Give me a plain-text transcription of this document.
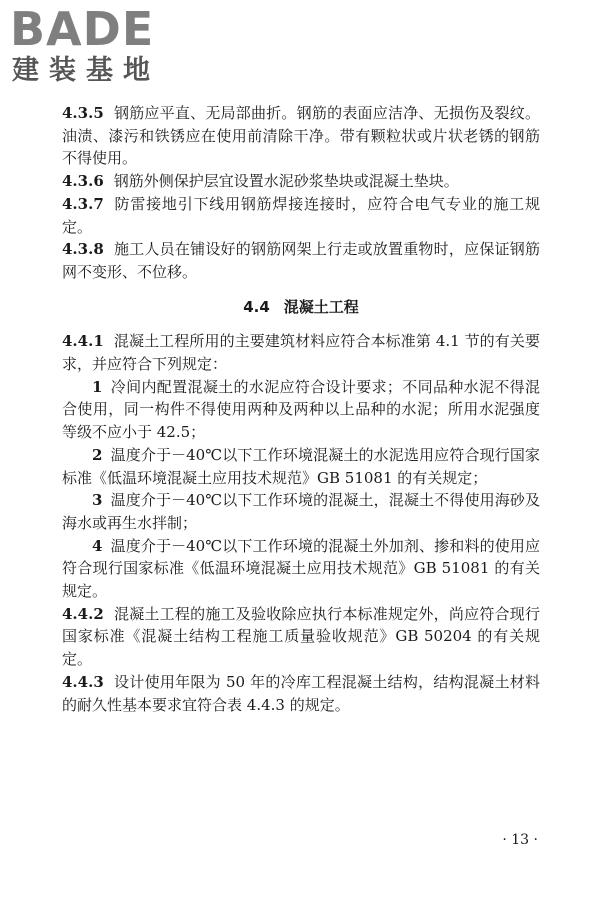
BADE
建装基地

4.3.5 钢筋应平直、无局部曲折。钢筋的表面应洁净、无损伤及裂纹。油渍、漆污和铁锈应在使用前清除干净。带有颗粒状或片状老锈的钢筋不得使用。

4.3.6 钢筋外侧保护层宜设置水泥砂浆垫块或混凝土垫块。

4.3.7 防雷接地引下线用钢筋焊接连接时，应符合电气专业的施工规定。

4.3.8 施工人员在铺设好的钢筋网架上行走或放置重物时，应保证钢筋网不变形、不位移。

4.4 混凝土工程

4.4.1 混凝土工程所用的主要建筑材料应符合本标准第 4.1 节的有关要求，并应符合下列规定：

1 冷间内配置混凝土的水泥应符合设计要求；不同品种水泥不得混合使用，同一构件不得使用两种及两种以上品种的水泥；所用水泥强度等级不应小于 42.5；

2 温度介于－40℃以下工作环境混凝土的水泥选用应符合现行国家标准《低温环境混凝土应用技术规范》GB 51081 的有关规定；

3 温度介于－40℃以下工作环境的混凝土，混凝土不得使用海砂及海水或再生水拌制；

4 温度介于－40℃以下工作环境的混凝土外加剂、掺和料的使用应符合现行国家标准《低温环境混凝土应用技术规范》GB 51081 的有关规定。

4.4.2 混凝土工程的施工及验收除应执行本标准规定外，尚应符合现行国家标准《混凝土结构工程施工质量验收规范》GB 50204 的有关规定。

4.4.3 设计使用年限为 50 年的冷库工程混凝土结构，结构混凝土材料的耐久性基本要求宜符合表 4.4.3 的规定。

· 13 ·
